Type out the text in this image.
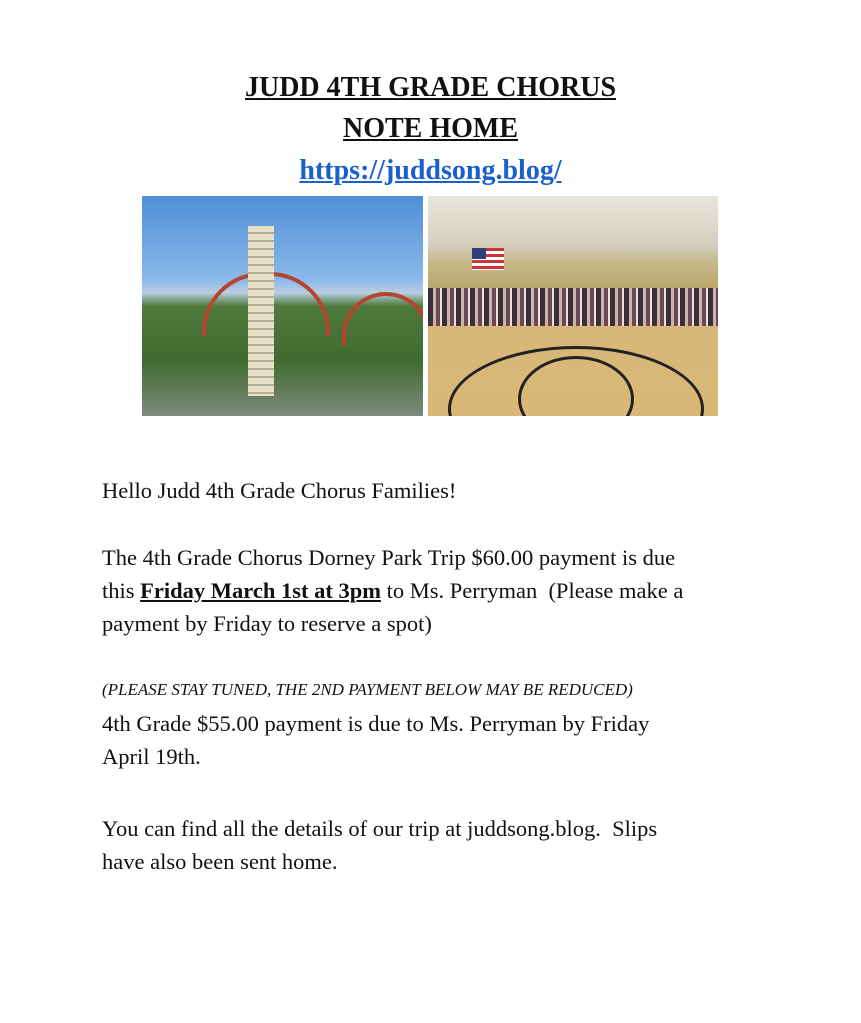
JUDD 4TH GRADE CHORUS
NOTE HOME
https://juddsong.blog/
Hello Judd 4th Grade Chorus Families!
The 4th Grade Chorus Dorney Park Trip $60.00 payment is due
this Friday March 1st at 3pm to Ms. Perryman  (Please make a
payment by Friday to reserve a spot)
(PLEASE STAY TUNED, THE 2ND PAYMENT BELOW MAY BE REDUCED)
4th Grade $55.00 payment is due to Ms. Perryman by Friday
April 19th.
You can find all the details of our trip at juddsong.blog.  Slips
have also been sent home.
